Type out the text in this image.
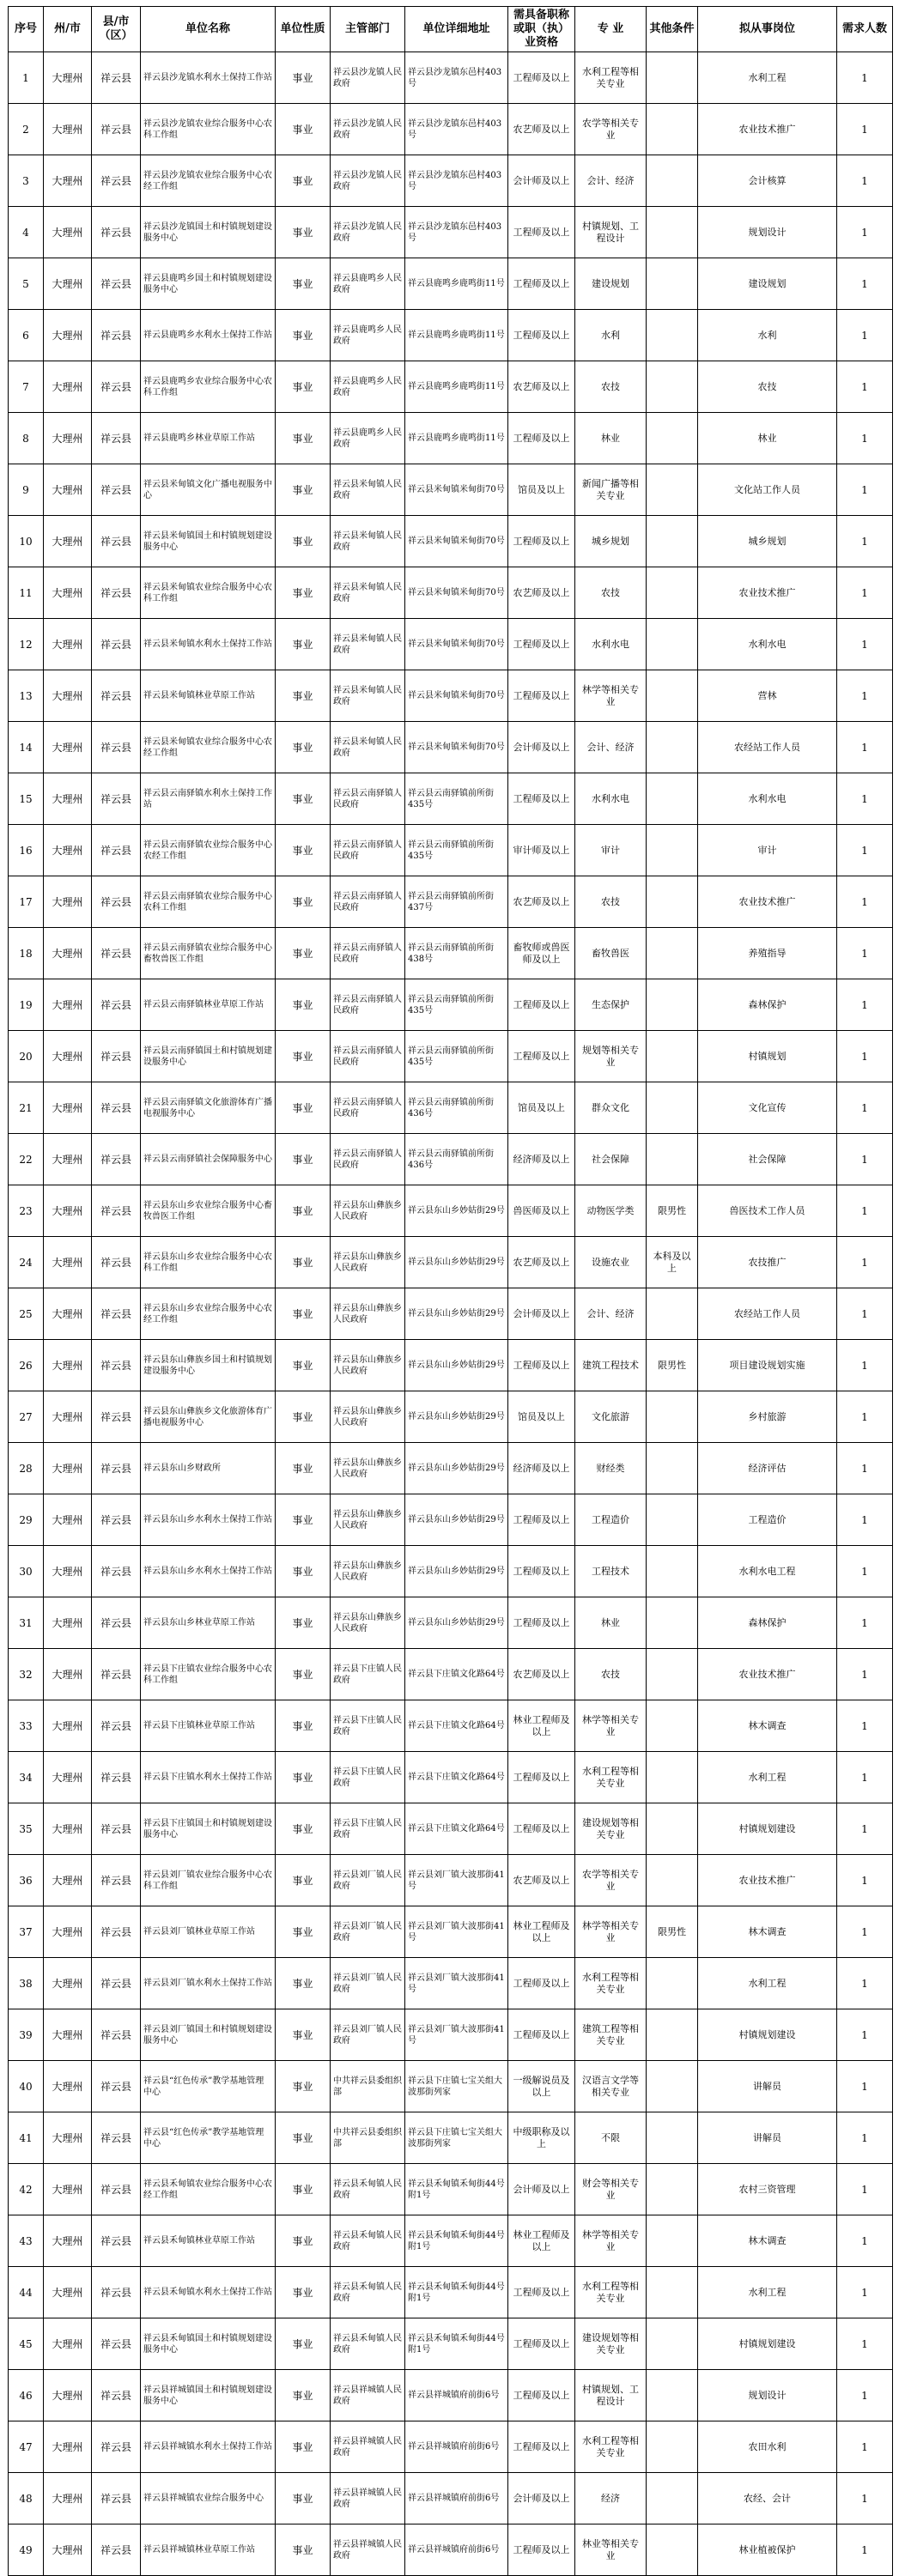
序号	州/市	县/市（区）	单位名称	单位性质	主管部门	单位详细地址	需具备职称或职（执）业资格	专 业	其他条件	拟从事岗位	需求人数
1	大理州	祥云县	祥云县沙龙镇水利水土保持工作站	事业	祥云县沙龙镇人民政府	祥云县沙龙镇东邑村403号	工程师及以上	水利工程等相关专业		水利工程	1
2	大理州	祥云县	祥云县沙龙镇农业综合服务中心农科工作组	事业	祥云县沙龙镇人民政府	祥云县沙龙镇东邑村403号	农艺师及以上	农学等相关专业		农业技术推广	1
3	大理州	祥云县	祥云县沙龙镇农业综合服务中心农经工作组	事业	祥云县沙龙镇人民政府	祥云县沙龙镇东邑村403号	会计师及以上	会计、经济		会计核算	1
4	大理州	祥云县	祥云县沙龙镇国土和村镇规划建设服务中心	事业	祥云县沙龙镇人民政府	祥云县沙龙镇东邑村403号	工程师及以上	村镇规划、工程设计		规划设计	1
5	大理州	祥云县	祥云县鹿鸣乡国土和村镇规划建设服务中心	事业	祥云县鹿鸣乡人民政府	祥云县鹿鸣乡鹿鸣街11号	工程师及以上	建设规划		建设规划	1
6	大理州	祥云县	祥云县鹿鸣乡水利水土保持工作站	事业	祥云县鹿鸣乡人民政府	祥云县鹿鸣乡鹿鸣街11号	工程师及以上	水利		水利	1
7	大理州	祥云县	祥云县鹿鸣乡农业综合服务中心农科工作组	事业	祥云县鹿鸣乡人民政府	祥云县鹿鸣乡鹿鸣街11号	农艺师及以上	农技		农技	1
8	大理州	祥云县	祥云县鹿鸣乡林业草原工作站	事业	祥云县鹿鸣乡人民政府	祥云县鹿鸣乡鹿鸣街11号	工程师及以上	林业		林业	1
9	大理州	祥云县	祥云县米甸镇文化广播电视服务中心	事业	祥云县米甸镇人民政府	祥云县米甸镇米甸街70号	馆员及以上	新闻广播等相关专业		文化站工作人员	1
10	大理州	祥云县	祥云县米甸镇国土和村镇规划建设服务中心	事业	祥云县米甸镇人民政府	祥云县米甸镇米甸街70号	工程师及以上	城乡规划		城乡规划	1
11	大理州	祥云县	祥云县米甸镇农业综合服务中心农科工作组	事业	祥云县米甸镇人民政府	祥云县米甸镇米甸街70号	农艺师及以上	农技		农业技术推广	1
12	大理州	祥云县	祥云县米甸镇水利水土保持工作站	事业	祥云县米甸镇人民政府	祥云县米甸镇米甸街70号	工程师及以上	水利水电		水利水电	1
13	大理州	祥云县	祥云县米甸镇林业草原工作站	事业	祥云县米甸镇人民政府	祥云县米甸镇米甸街70号	工程师及以上	林学等相关专业		营林	1
14	大理州	祥云县	祥云县米甸镇农业综合服务中心农经工作组	事业	祥云县米甸镇人民政府	祥云县米甸镇米甸街70号	会计师及以上	会计、经济		农经站工作人员	1
15	大理州	祥云县	祥云县云南驿镇水利水土保持工作站	事业	祥云县云南驿镇人民政府	祥云县云南驿镇前所街435号	工程师及以上	水利水电		水利水电	1
16	大理州	祥云县	祥云县云南驿镇农业综合服务中心农经工作组	事业	祥云县云南驿镇人民政府	祥云县云南驿镇前所街435号	审计师及以上	审计		审计	1
17	大理州	祥云县	祥云县云南驿镇农业综合服务中心农科工作组	事业	祥云县云南驿镇人民政府	祥云县云南驿镇前所街437号	农艺师及以上	农技		农业技术推广	1
18	大理州	祥云县	祥云县云南驿镇农业综合服务中心畜牧兽医工作组	事业	祥云县云南驿镇人民政府	祥云县云南驿镇前所街438号	畜牧师或兽医师及以上	畜牧兽医		养殖指导	1
19	大理州	祥云县	祥云县云南驿镇林业草原工作站	事业	祥云县云南驿镇人民政府	祥云县云南驿镇前所街435号	工程师及以上	生态保护		森林保护	1
20	大理州	祥云县	祥云县云南驿镇国土和村镇规划建设服务中心	事业	祥云县云南驿镇人民政府	祥云县云南驿镇前所街435号	工程师及以上	规划等相关专业		村镇规划	1
21	大理州	祥云县	祥云县云南驿镇文化旅游体育广播电视服务中心	事业	祥云县云南驿镇人民政府	祥云县云南驿镇前所街436号	馆员及以上	群众文化		文化宣传	1
22	大理州	祥云县	祥云县云南驿镇社会保障服务中心	事业	祥云县云南驿镇人民政府	祥云县云南驿镇前所街436号	经济师及以上	社会保障		社会保障	1
23	大理州	祥云县	祥云县东山乡农业综合服务中心畜牧兽医工作组	事业	祥云县东山彝族乡人民政府	祥云县东山乡妙姑街29号	兽医师及以上	动物医学类	限男性	兽医技术工作人员	1
24	大理州	祥云县	祥云县东山乡农业综合服务中心农科工作组	事业	祥云县东山彝族乡人民政府	祥云县东山乡妙姑街29号	农艺师及以上	设施农业	本科及以上	农技推广	1
25	大理州	祥云县	祥云县东山乡农业综合服务中心农经工作组	事业	祥云县东山彝族乡人民政府	祥云县东山乡妙姑街29号	会计师及以上	会计、经济		农经站工作人员	1
26	大理州	祥云县	祥云县东山彝族乡国土和村镇规划建设服务中心	事业	祥云县东山彝族乡人民政府	祥云县东山乡妙姑街29号	工程师及以上	建筑工程技术	限男性	项目建设规划实施	1
27	大理州	祥云县	祥云县东山彝族乡文化旅游体育广播电视服务中心	事业	祥云县东山彝族乡人民政府	祥云县东山乡妙姑街29号	馆员及以上	文化旅游		乡村旅游	1
28	大理州	祥云县	祥云县东山乡财政所	事业	祥云县东山彝族乡人民政府	祥云县东山乡妙姑街29号	经济师及以上	财经类		经济评估	1
29	大理州	祥云县	祥云县东山乡水利水土保持工作站	事业	祥云县东山彝族乡人民政府	祥云县东山乡妙姑街29号	工程师及以上	工程造价		工程造价	1
30	大理州	祥云县	祥云县东山乡水利水土保持工作站	事业	祥云县东山彝族乡人民政府	祥云县东山乡妙姑街29号	工程师及以上	工程技术		水利水电工程	1
31	大理州	祥云县	祥云县东山乡林业草原工作站	事业	祥云县东山彝族乡人民政府	祥云县东山乡妙姑街29号	工程师及以上	林业		森林保护	1
32	大理州	祥云县	祥云县下庄镇农业综合服务中心农科工作组	事业	祥云县下庄镇人民政府	祥云县下庄镇文化路64号	农艺师及以上	农技		农业技术推广	1
33	大理州	祥云县	祥云县下庄镇林业草原工作站	事业	祥云县下庄镇人民政府	祥云县下庄镇文化路64号	林业工程师及以上	林学等相关专业		林木调查	1
34	大理州	祥云县	祥云县下庄镇水利水土保持工作站	事业	祥云县下庄镇人民政府	祥云县下庄镇文化路64号	工程师及以上	水利工程等相关专业		水利工程	1
35	大理州	祥云县	祥云县下庄镇国土和村镇规划建设服务中心	事业	祥云县下庄镇人民政府	祥云县下庄镇文化路64号	工程师及以上	建设规划等相关专业		村镇规划建设	1
36	大理州	祥云县	祥云县刘厂镇农业综合服务中心农科工作组	事业	祥云县刘厂镇人民政府	祥云县刘厂镇大波那街41号	农艺师及以上	农学等相关专业		农业技术推广	1
37	大理州	祥云县	祥云县刘厂镇林业草原工作站	事业	祥云县刘厂镇人民政府	祥云县刘厂镇大波那街41号	林业工程师及以上	林学等相关专业	限男性	林木调查	1
38	大理州	祥云县	祥云县刘厂镇水利水土保持工作站	事业	祥云县刘厂镇人民政府	祥云县刘厂镇大波那街41号	工程师及以上	水利工程等相关专业		水利工程	1
39	大理州	祥云县	祥云县刘厂镇国土和村镇规划建设服务中心	事业	祥云县刘厂镇人民政府	祥云县刘厂镇大波那街41号	工程师及以上	建筑工程等相关专业		村镇规划建设	1
40	大理州	祥云县	祥云县“红色传承”教学基地管理中心	事业	中共祥云县委组织部	祥云县下庄镇七宝关组大波那街列家	一级解说员及以上	汉语言文学等相关专业		讲解员	1
41	大理州	祥云县	祥云县“红色传承”教学基地管理中心	事业	中共祥云县委组织部	祥云县下庄镇七宝关组大波那街列家	中级职称及以上	不限		讲解员	1
42	大理州	祥云县	祥云县禾甸镇农业综合服务中心农经工作组	事业	祥云县禾甸镇人民政府	祥云县禾甸镇禾甸街44号附1号	会计师及以上	财会等相关专业		农村三资管理	1
43	大理州	祥云县	祥云县禾甸镇林业草原工作站	事业	祥云县禾甸镇人民政府	祥云县禾甸镇禾甸街44号附1号	林业工程师及以上	林学等相关专业		林木调查	1
44	大理州	祥云县	祥云县禾甸镇水利水土保持工作站	事业	祥云县禾甸镇人民政府	祥云县禾甸镇禾甸街44号附1号	工程师及以上	水利工程等相关专业		水利工程	1
45	大理州	祥云县	祥云县禾甸镇国土和村镇规划建设服务中心	事业	祥云县禾甸镇人民政府	祥云县禾甸镇禾甸街44号附1号	工程师及以上	建设规划等相关专业		村镇规划建设	1
46	大理州	祥云县	祥云县祥城镇国土和村镇规划建设服务中心	事业	祥云县祥城镇人民政府	祥云县祥城镇府前街6号	工程师及以上	村镇规划、工程设计		规划设计	1
47	大理州	祥云县	祥云县祥城镇水利水土保持工作站	事业	祥云县祥城镇人民政府	祥云县祥城镇府前街6号	工程师及以上	水利工程等相关专业		农田水利	1
48	大理州	祥云县	祥云县祥城镇农业综合服务中心	事业	祥云县祥城镇人民政府	祥云县祥城镇府前街6号	会计师及以上	经济		农经、会计	1
49	大理州	祥云县	祥云县祥城镇林业草原工作站	事业	祥云县祥城镇人民政府	祥云县祥城镇府前街6号	工程师及以上	林业等相关专业		林业植被保护	1
